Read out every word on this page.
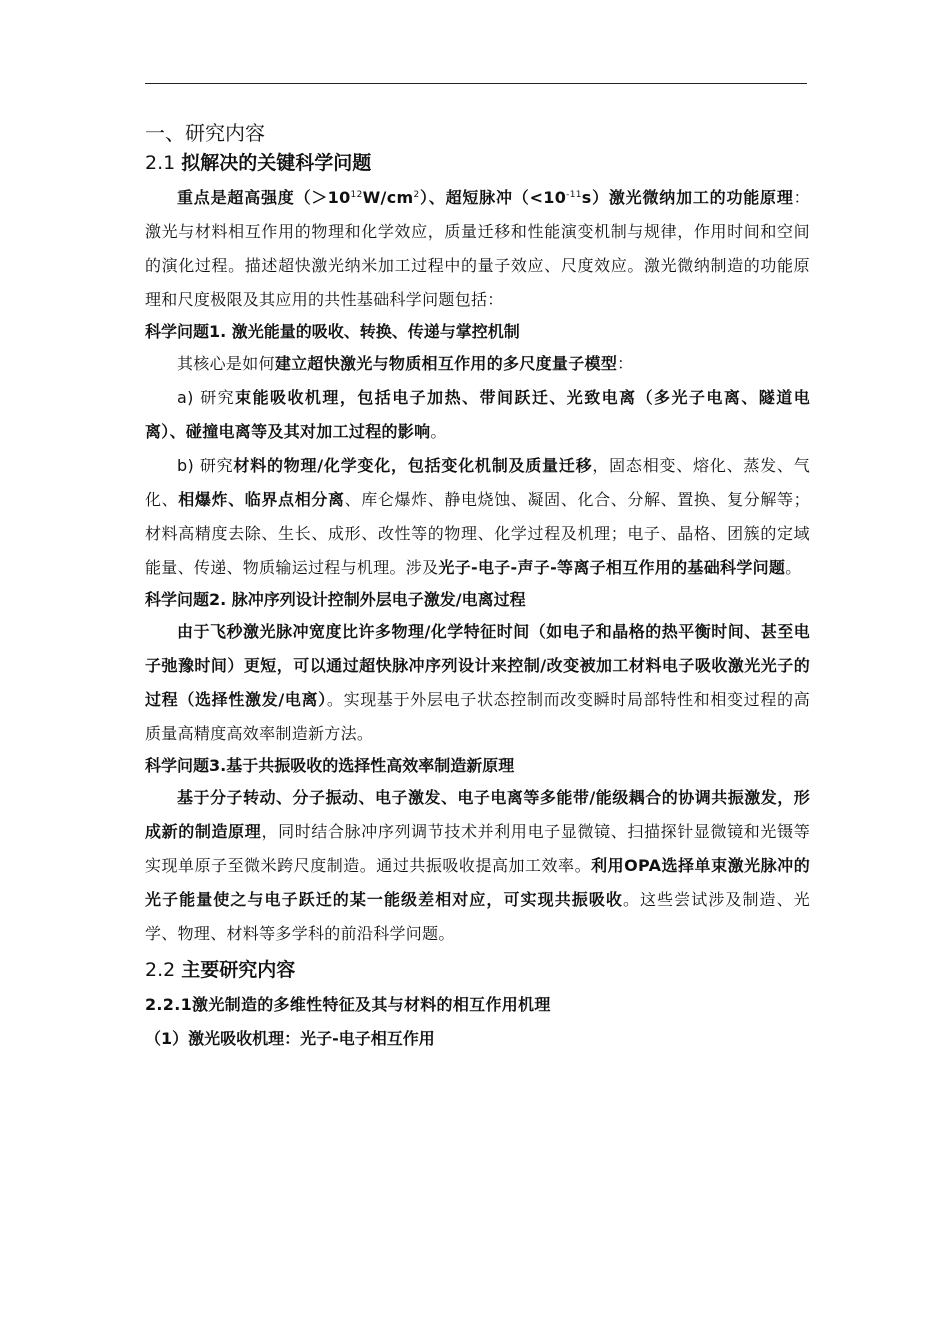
一、研究内容
2.1 拟解决的关键科学问题

重点是超高强度$(>10^{12}W/cm^2)$、超短脉冲$(<10^{-11}s)$激光微纳加工的功能原理：激光与材料相互作用的物理和化学效应，质量迁移和性能演变机制与规律，作用时间和空间的演化过程。描述超快激光纳米加工过程中的量子效应、尺度效应。激光微纳制造的功能原理和尺度极限及其应用的共性基础科学问题包括：

科学问题1. 激光能量的吸收、转换、传递与掌控机制

其核心是如何建立超快激光与物质相互作用的多尺度量子模型：

a) 研究束能吸收机理，包括电子加热、带间跃迁、光致电离（多光子电离、隧道电离）、碰撞电离等及其对加工过程的影响。

b) 研究材料的物理/化学变化，包括变化机制及质量迁移，固态相变、熔化、蒸发、气化、相爆炸、临界点相分离、库仑爆炸、静电烧蚀、凝固、化合、分解、置换、复分解等；材料高精度去除、生长、成形、改性等的物理、化学过程及机理；电子、晶格、团簇的定域能量、传递、物质输运过程与机理。涉及光子-电子-声子-等离子相互作用的基础科学问题。

科学问题2. 脉冲序列设计控制外层电子激发/电离过程

由于飞秒激光脉冲宽度比许多物理/化学特征时间（如电子和晶格的热平衡时间、甚至电子弛豫时间）更短，可以通过超快脉冲序列设计来控制/改变被加工材料电子吸收激光光子的过程（选择性激发/电离）。实现基于外层电子状态控制而改变瞬时局部特性和相变过程的高质量高精度高效率制造新方法。

科学问题3.基于共振吸收的选择性高效率制造新原理

基于分子转动、分子振动、电子激发、电子电离等多能带/能级耦合的协调共振激发，形成新的制造原理，同时结合脉冲序列调节技术并利用电子显微镜、扫描探针显微镜和光镊等实现单原子至微米跨尺度制造。通过共振吸收提高加工效率。利用OPA选择单束激光脉冲的光子能量使之与电子跃迁的某一能级差相对应，可实现共振吸收。这些尝试涉及制造、光学、物理、材料等多学科的前沿科学问题。

2.2 主要研究内容
2.2.1激光制造的多维性特征及其与材料的相互作用机理
（1）激光吸收机理：光子-电子相互作用
